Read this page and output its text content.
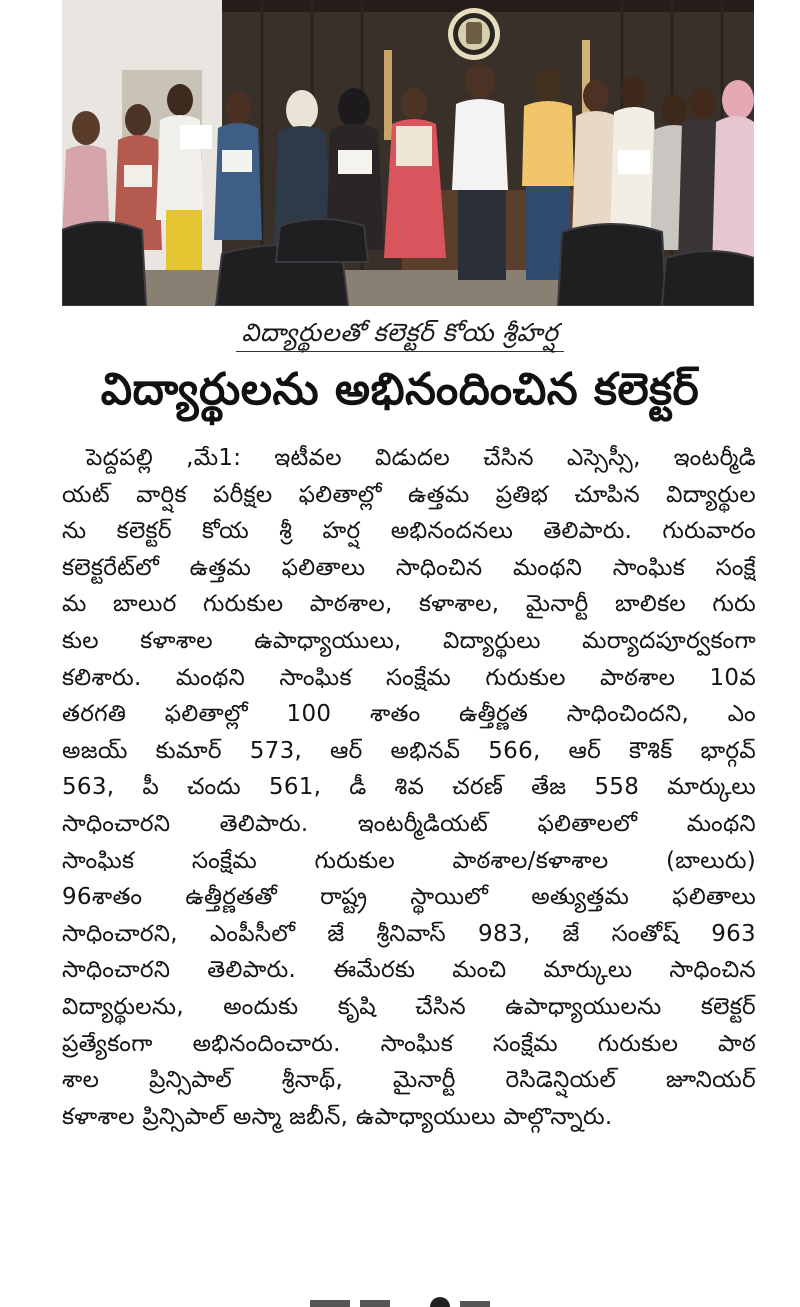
విద్యార్థులతో కలెక్టర్ కోయ శ్రీహర్ష
విద్యార్థులను అభినందించిన కలెక్టర్
పెద్దపల్లి ,మే1: ఇటీవల విడుదల చేసిన ఎస్సెస్సీ, ఇంటర్మీడి
యట్ వార్షిక పరీక్షల ఫలితాల్లో ఉత్తమ ప్రతిభ చూపిన విద్యార్థుల
ను కలెక్టర్ కోయ శ్రీ హర్ష అభినందనలు తెలిపారు. గురువారం
కలెక్టరేట్‌లో ఉత్తమ ఫలితాలు సాధించిన మంథని సాంఘిక సంక్షే
మ బాలుర గురుకుల పాఠశాల, కళాశాల, మైనార్టీ బాలికల గురు
కుల కళాశాల ఉపాధ్యాయులు, విద్యార్థులు మర్యాదపూర్వకంగా
కలిశారు. మంథని సాంఘిక సంక్షేమ గురుకుల పాఠశాల 10వ
తరగతి ఫలితాల్లో 100 శాతం ఉత్తీర్ణత సాధించిందని, ఎం
అజయ్ కుమార్ 573, ఆర్ అభినవ్ 566, ఆర్ కౌశిక్ భార్గవ్
563, పీ చందు 561, డీ శివ చరణ్ తేజ 558 మార్కులు
సాధించారని తెలిపారు. ఇంటర్మీడియట్ ఫలితాలలో మంథని
సాంఘిక సంక్షేమ గురుకుల పాఠశాల/కళాశాల (బాలురు)
96శాతం ఉత్తీర్ణతతో రాష్ట్ర స్థాయిలో అత్యుత్తమ ఫలితాలు
సాధించారని, ఎంపీసీలో జే శ్రీనివాస్ 983, జే సంతోష్ 963
సాధించారని తెలిపారు. ఈమేరకు మంచి మార్కులు సాధించిన
విద్యార్థులను, అందుకు కృషి చేసిన ఉపాధ్యాయులను కలెక్టర్
ప్రత్యేకంగా అభినందించారు. సాంఘిక సంక్షేమ గురుకుల పాఠ
శాల ప్రిన్సిపాల్ శ్రీనాథ్, మైనార్టీ రెసిడెన్షియల్ జూనియర్
కళాశాల ప్రిన్సిపాల్ అస్మా జబీన్, ఉపాధ్యాయులు పాల్గొన్నారు.
